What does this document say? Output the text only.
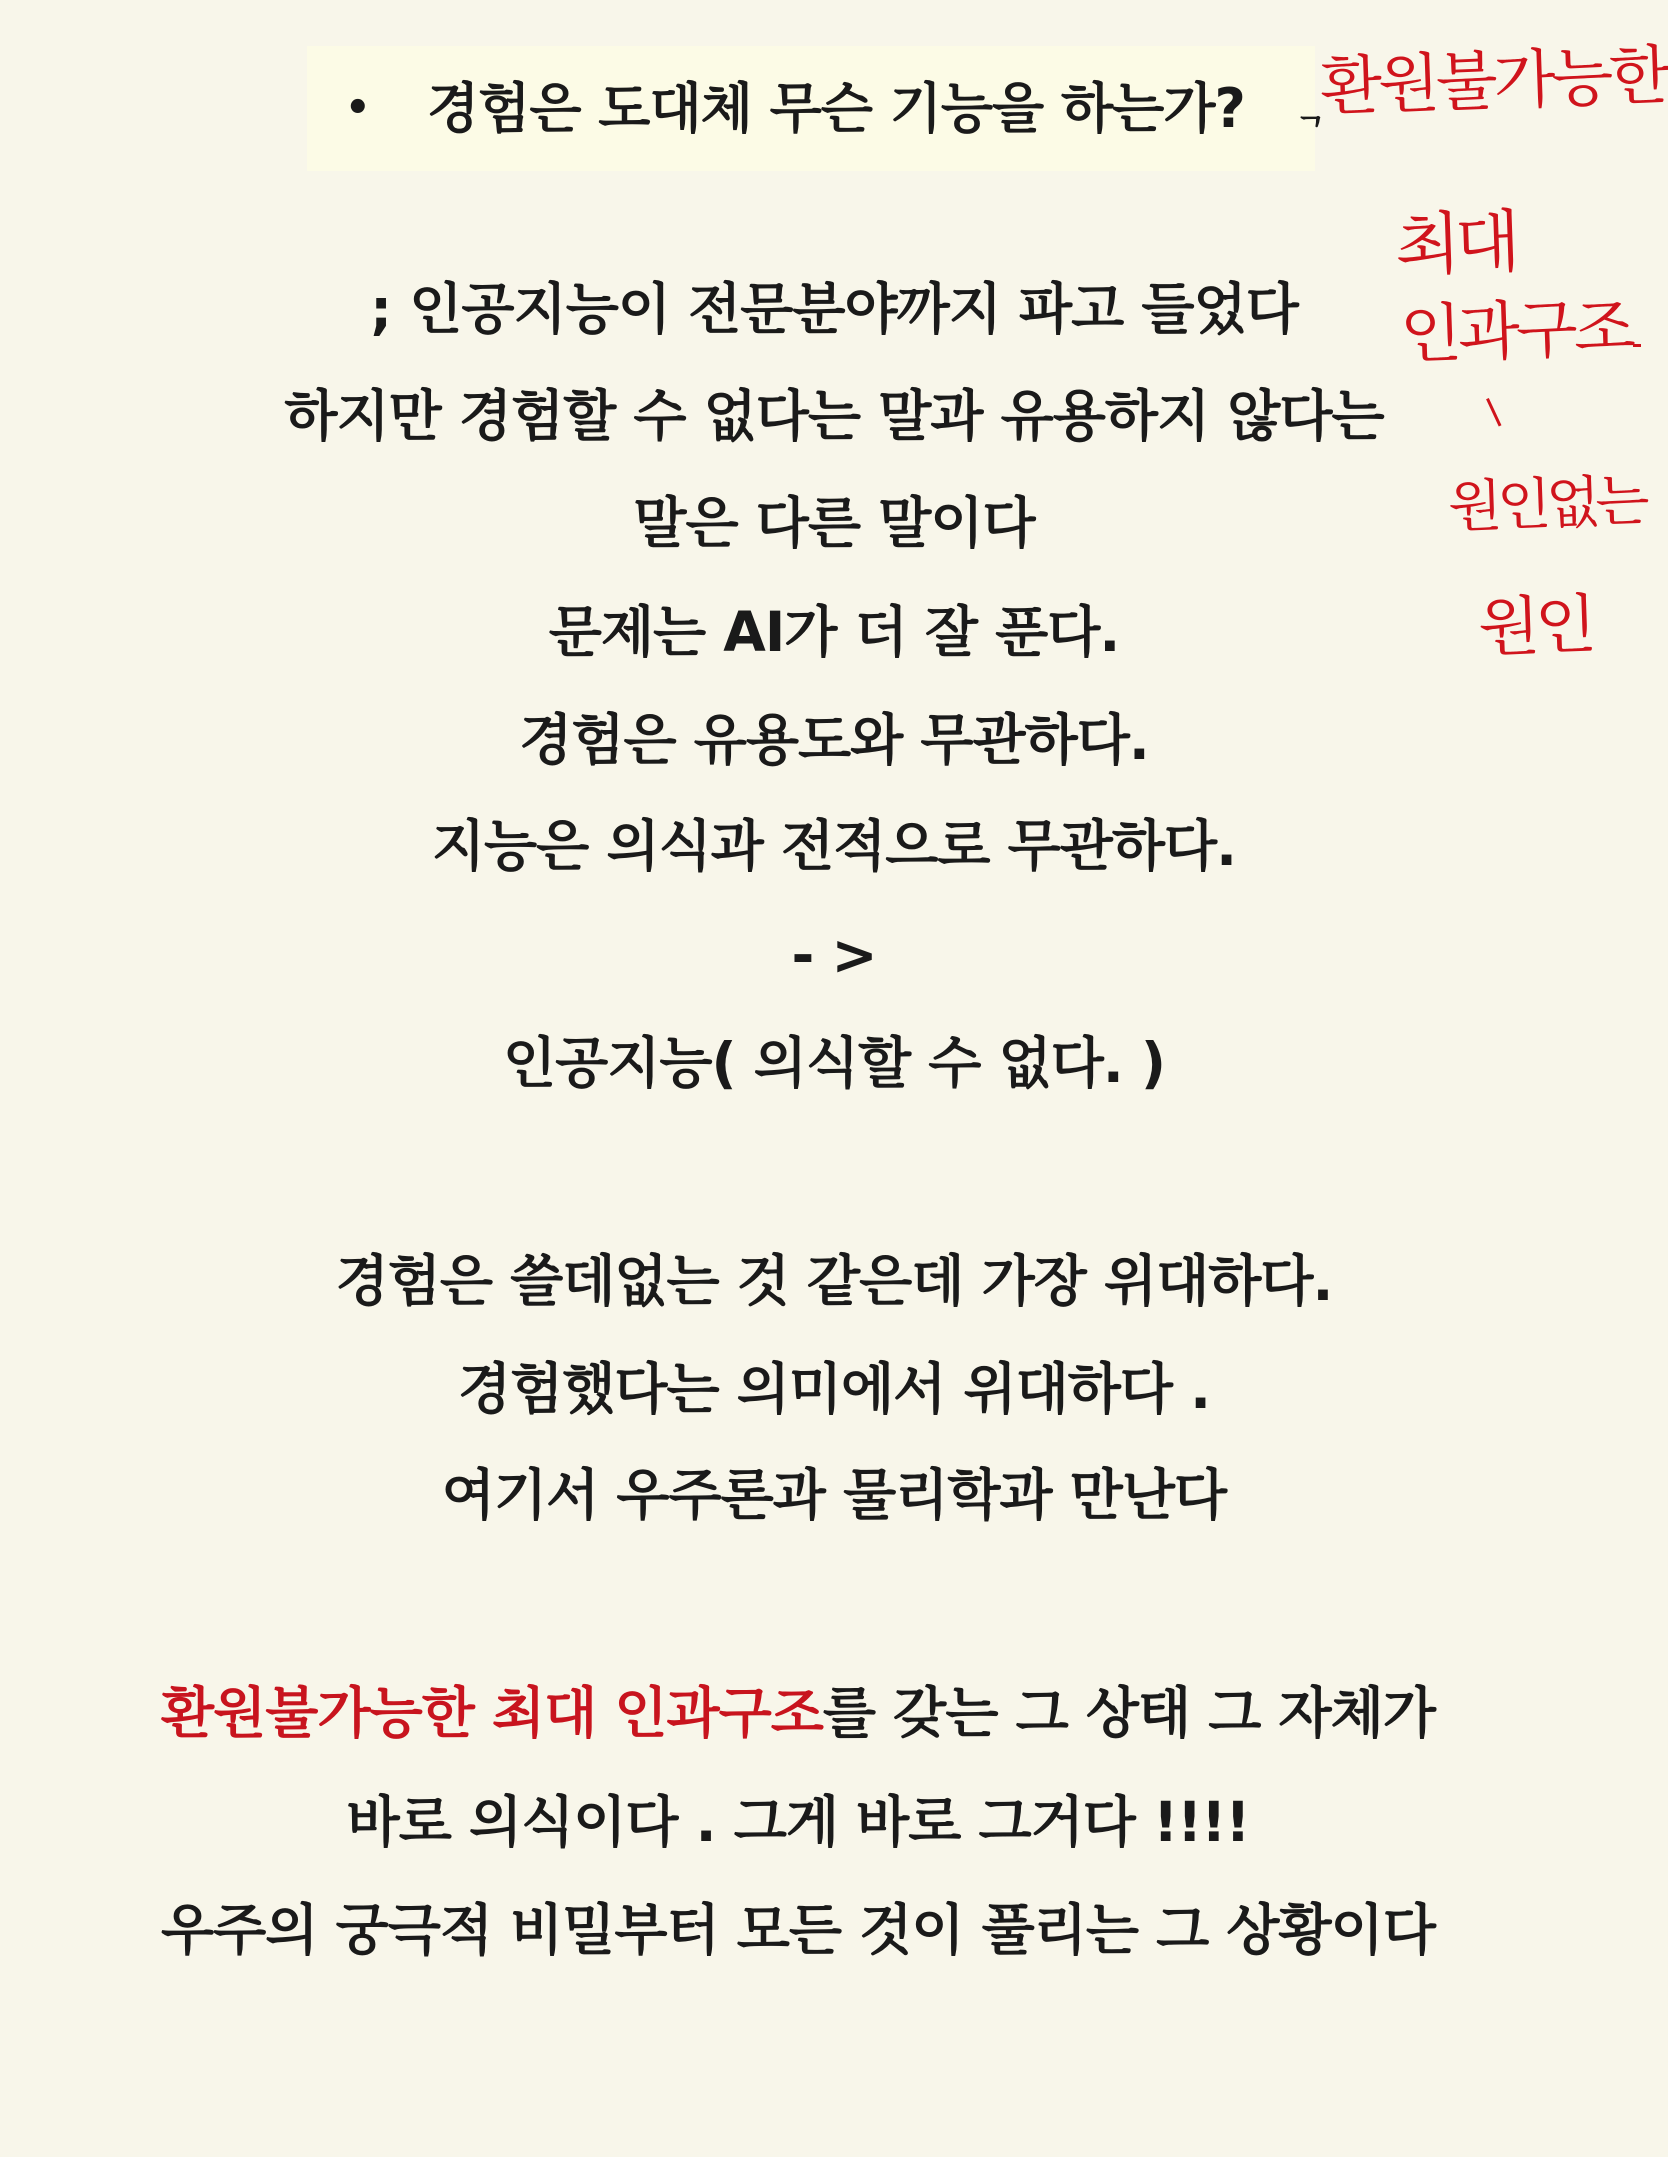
• 경험은 도대체 무슨 기능을 하는가? ᄀ
; 인공지능이 전문분야까지 파고 들었다
하지만 경험할 수 없다는 말과 유용하지 않다는
말은 다른 말이다
문제는 AI가 더 잘 푼다.
경험은 유용도와 무관하다.
지능은 의식과 전적으로 무관하다.
- >
인공지능( 의식할 수 없다. )
경험은 쓸데없는 것 같은데 가장 위대하다.
경험했다는 의미에서 위대하다 .
여기서 우주론과 물리학과 만난다
환원불가능한 최대 인과구조를 갖는 그 상태 그 자체가
바로 의식이다 . 그게 바로 그거다 !!!!
우주의 궁극적 비밀부터 모든 것이 풀리는 그 상황이다
환원불가능한
최대
인과구조
원인없는
원인
